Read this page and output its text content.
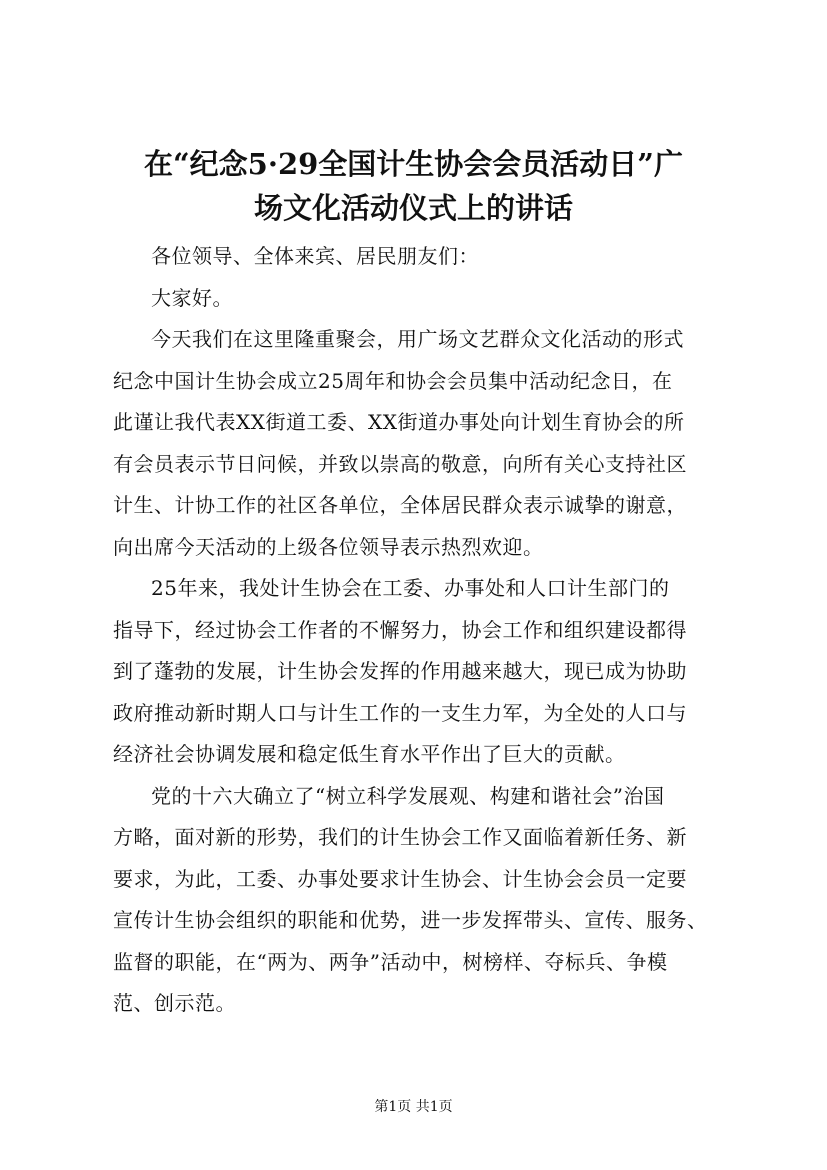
在“纪念5·29全国计生协会会员活动日”广
场文化活动仪式上的讲话
各位领导、全体来宾、居民朋友们：
大家好。
今天我们在这里隆重聚会，用广场文艺群众文化活动的形式
纪念中国计生协会成立25周年和协会会员集中活动纪念日，在
此谨让我代表XX街道工委、XX街道办事处向计划生育协会的所
有会员表示节日问候，并致以崇高的敬意，向所有关心支持社区
计生、计协工作的社区各单位，全体居民群众表示诚挚的谢意，
向出席今天活动的上级各位领导表示热烈欢迎。
25年来，我处计生协会在工委、办事处和人口计生部门的
指导下，经过协会工作者的不懈努力，协会工作和组织建设都得
到了蓬勃的发展，计生协会发挥的作用越来越大，现已成为协助
政府推动新时期人口与计生工作的一支生力军，为全处的人口与
经济社会协调发展和稳定低生育水平作出了巨大的贡献。
党的十六大确立了“树立科学发展观、构建和谐社会”治国
方略，面对新的形势，我们的计生协会工作又面临着新任务、新
要求，为此，工委、办事处要求计生协会、计生协会会员一定要
宣传计生协会组织的职能和优势，进一步发挥带头、宣传、服务、
监督的职能，在“两为、两争”活动中，树榜样、夺标兵、争模
范、创示范。
第1页 共1页
